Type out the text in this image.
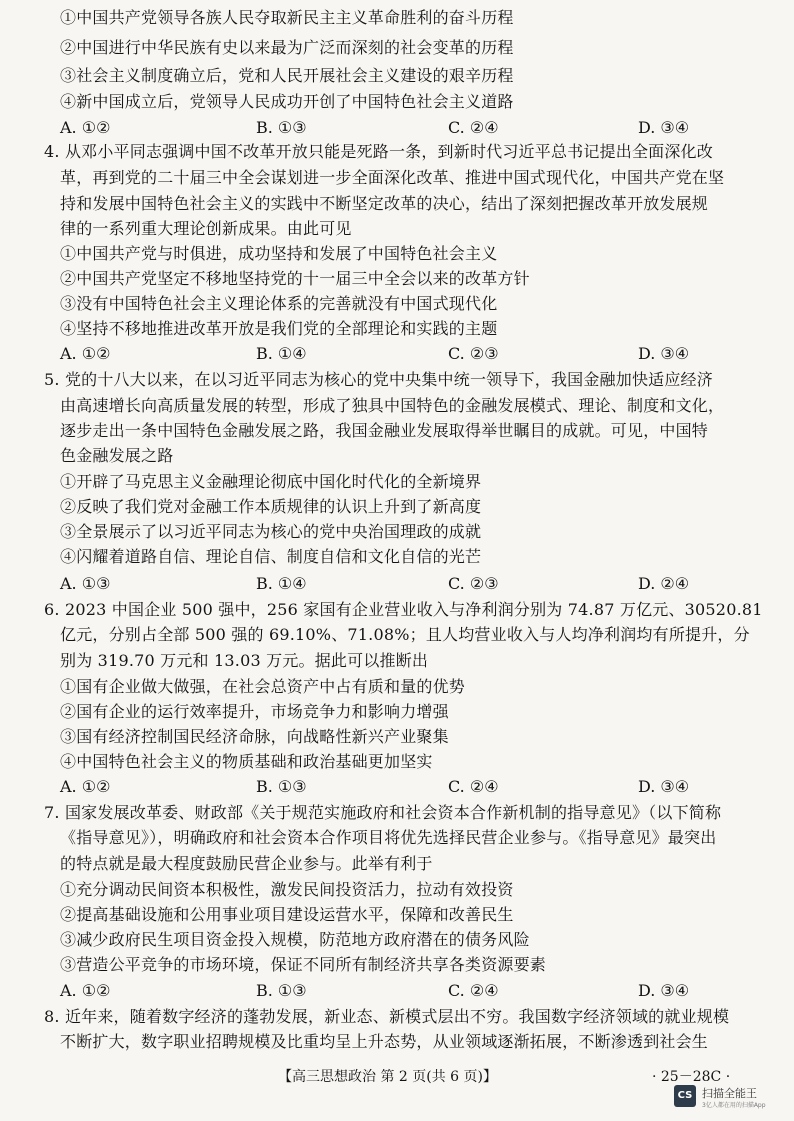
①中国共产党领导各族人民夺取新民主主义革命胜利的奋斗历程
②中国进行中华民族有史以来最为广泛而深刻的社会变革的历程
③社会主义制度确立后，党和人民开展社会主义建设的艰辛历程
④新中国成立后，党领导人民成功开创了中国特色社会主义道路
A. ①②	B. ①③	C. ②④	D. ③④
4. 从邓小平同志强调中国不改革开放只能是死路一条，到新时代习近平总书记提出全面深化改
革，再到党的二十届三中全会谋划进一步全面深化改革、推进中国式现代化，中国共产党在坚
持和发展中国特色社会主义的实践中不断坚定改革的决心，结出了深刻把握改革开放发展规
律的一系列重大理论创新成果。由此可见
①中国共产党与时俱进，成功坚持和发展了中国特色社会主义
②中国共产党坚定不移地坚持党的十一届三中全会以来的改革方针
③没有中国特色社会主义理论体系的完善就没有中国式现代化
④坚持不移地推进改革开放是我们党的全部理论和实践的主题
A. ①②	B. ①④	C. ②③	D. ③④
5. 党的十八大以来，在以习近平同志为核心的党中央集中统一领导下，我国金融加快适应经济
由高速增长向高质量发展的转型，形成了独具中国特色的金融发展模式、理论、制度和文化，
逐步走出一条中国特色金融发展之路，我国金融业发展取得举世瞩目的成就。可见，中国特
色金融发展之路
①开辟了马克思主义金融理论彻底中国化时代化的全新境界
②反映了我们党对金融工作本质规律的认识上升到了新高度
③全景展示了以习近平同志为核心的党中央治国理政的成就
④闪耀着道路自信、理论自信、制度自信和文化自信的光芒
A. ①③	B. ①④	C. ②③	D. ②④
6. 2023 中国企业 500 强中，256 家国有企业营业收入与净利润分别为 74.87 万亿元、30520.81
亿元，分别占全部 500 强的 69.10%、71.08%；且人均营业收入与人均净利润均有所提升，分
别为 319.70 万元和 13.03 万元。据此可以推断出
①国有企业做大做强，在社会总资产中占有质和量的优势
②国有企业的运行效率提升，市场竞争力和影响力增强
③国有经济控制国民经济命脉，向战略性新兴产业聚集
④中国特色社会主义的物质基础和政治基础更加坚实
A. ①②	B. ①③	C. ②④	D. ③④
7. 国家发展改革委、财政部《关于规范实施政府和社会资本合作新机制的指导意见》（以下简称
《指导意见》），明确政府和社会资本合作项目将优先选择民营企业参与。《指导意见》最突出
的特点就是最大程度鼓励民营企业参与。此举有利于
①充分调动民间资本积极性，激发民间投资活力，拉动有效投资
②提高基础设施和公用事业项目建设运营水平，保障和改善民生
③减少政府民生项目资金投入规模，防范地方政府潜在的债务风险
③营造公平竞争的市场环境，保证不同所有制经济共享各类资源要素
A. ①②	B. ①③	C. ②④	D. ③④
8. 近年来，随着数字经济的蓬勃发展，新业态、新模式层出不穷。我国数字经济领域的就业规模
不断扩大，数字职业招聘规模及比重均呈上升态势，从业领域逐渐拓展，不断渗透到社会生
【高三思想政治 第 2 页(共 6 页)】	· 25－28C ·
CS 扫描全能王
3亿人都在用的扫描App
